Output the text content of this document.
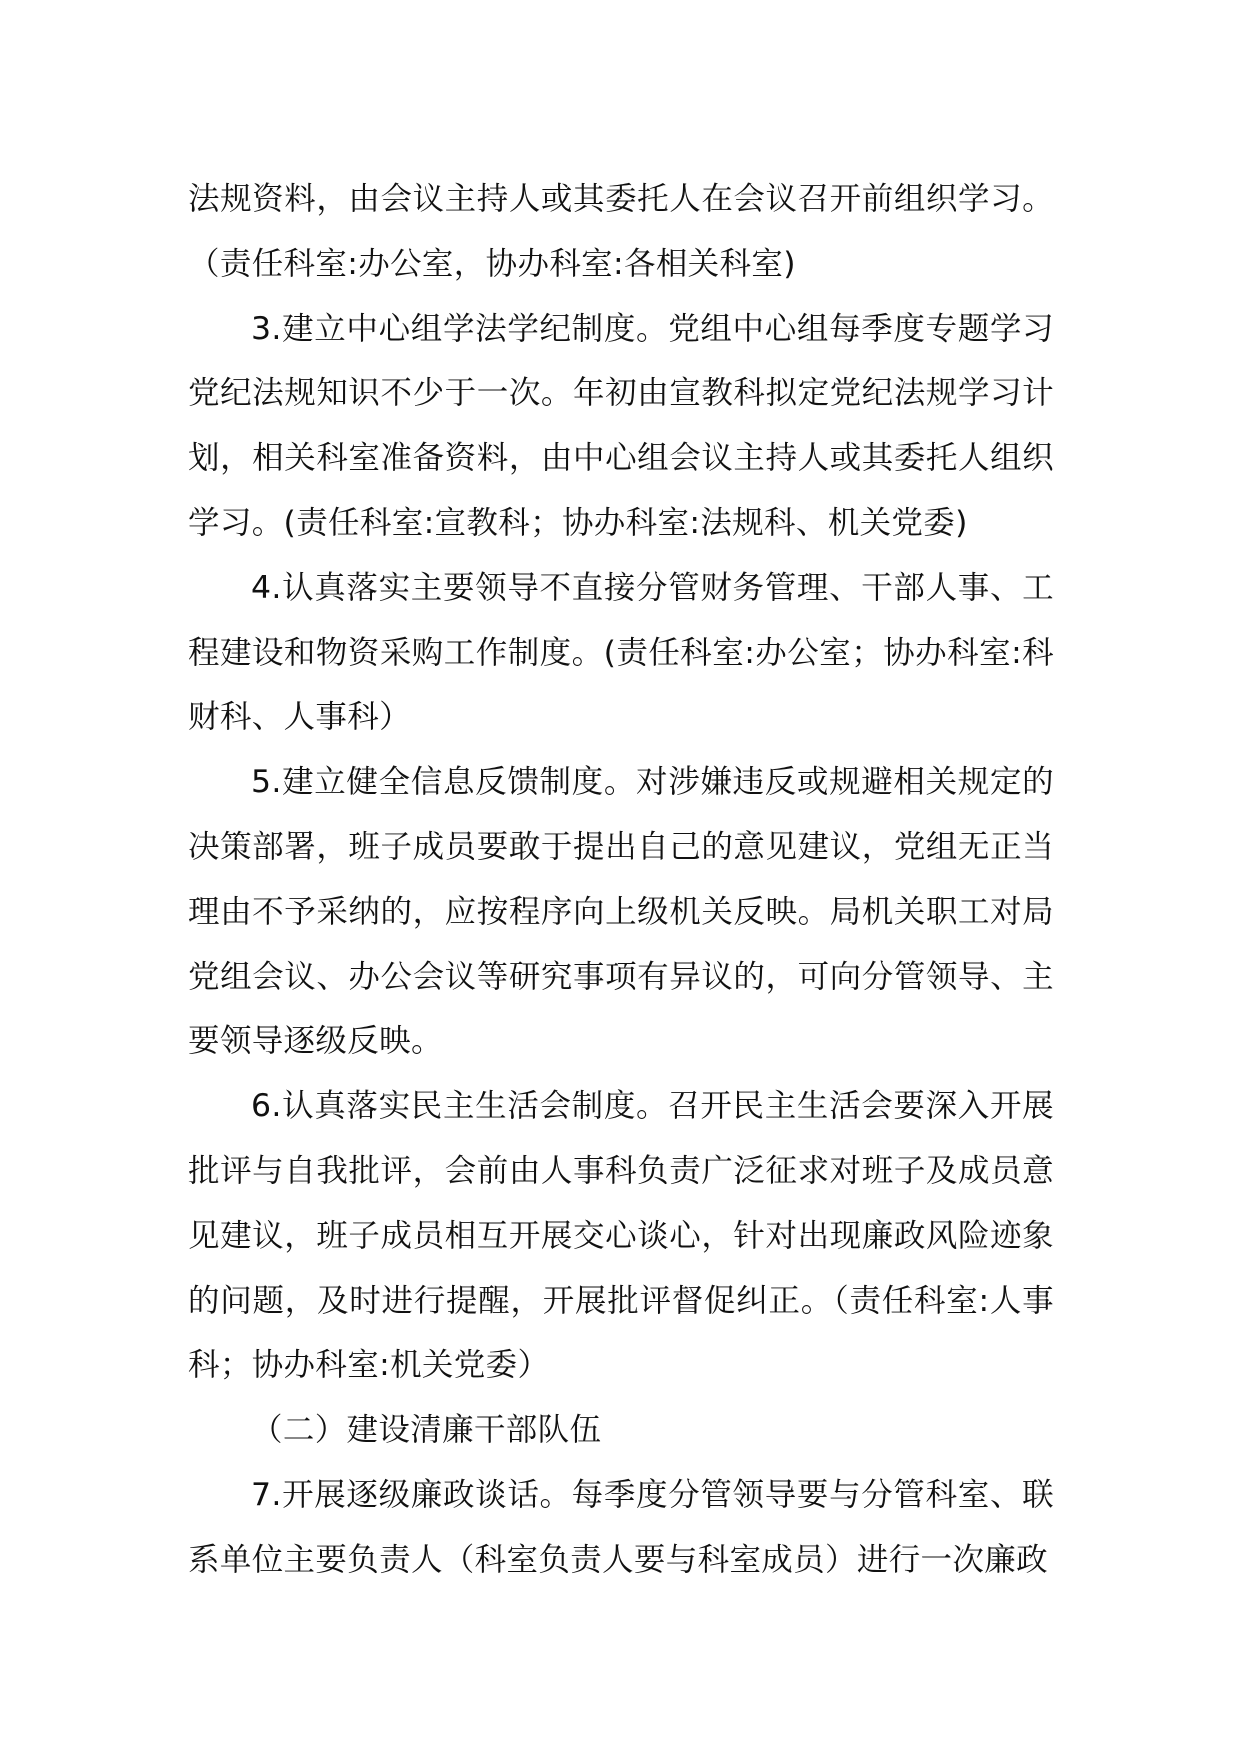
法规资料，由会议主持人或其委托人在会议召开前组织学习。（责任科室:办公室，协办科室:各相关科室)

3.建立中心组学法学纪制度。党组中心组每季度专题学习党纪法规知识不少于一次。年初由宣教科拟定党纪法规学习计划，相关科室准备资料，由中心组会议主持人或其委托人组织学习。(责任科室:宣教科；协办科室:法规科、机关党委)

4.认真落实主要领导不直接分管财务管理、干部人事、工程建设和物资采购工作制度。(责任科室:办公室；协办科室:科财科、人事科）

5.建立健全信息反馈制度。对涉嫌违反或规避相关规定的决策部署，班子成员要敢于提出自己的意见建议，党组无正当理由不予采纳的，应按程序向上级机关反映。局机关职工对局党组会议、办公会议等研究事项有异议的，可向分管领导、主要领导逐级反映。

6.认真落实民主生活会制度。召开民主生活会要深入开展批评与自我批评，会前由人事科负责广泛征求对班子及成员意见建议，班子成员相互开展交心谈心，针对出现廉政风险迹象的问题，及时进行提醒，开展批评督促纠正。（责任科室:人事科；协办科室:机关党委）

（二）建设清廉干部队伍

7.开展逐级廉政谈话。每季度分管领导要与分管科室、联系单位主要负责人（科室负责人要与科室成员）进行一次廉政
